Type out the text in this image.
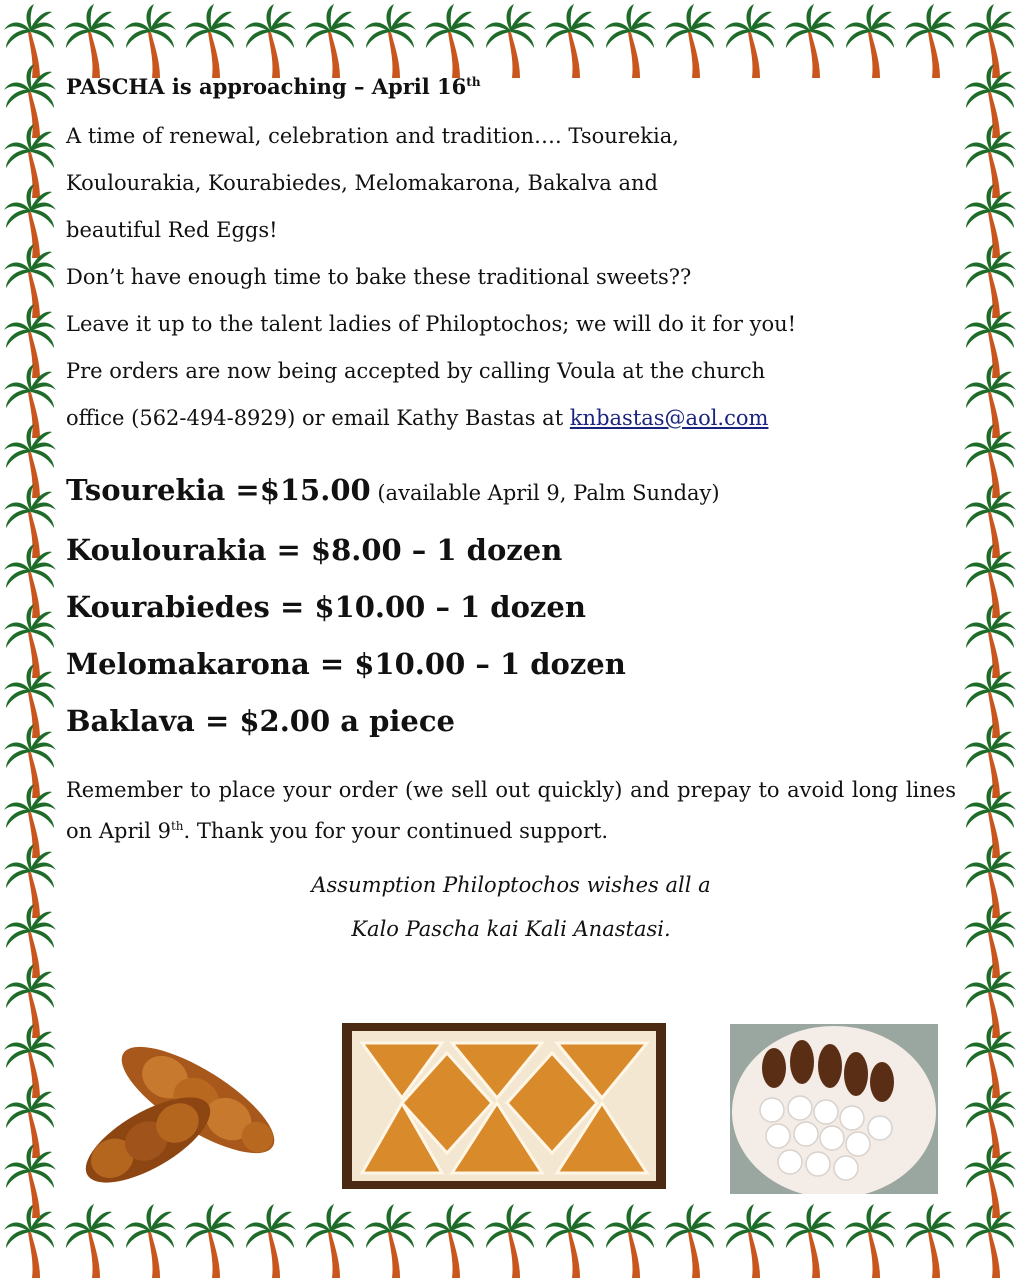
PASCHA is approaching – April 16th

A time of renewal, celebration and tradition…. Tsourekia,

Koulourakia, Kourabiedes, Melomakarona, Bakalva and

beautiful Red Eggs!

Don’t have enough time to bake these traditional sweets??

Leave it up to the talent ladies of Philoptochos; we will do it for you!

Pre orders are now being accepted by calling Voula at the church

office (562-494-8929) or email Kathy Bastas at knbastas@aol.com

Tsourekia =$15.00 (available April 9, Palm Sunday)

Koulourakia = $8.00 – 1 dozen

Kourabiedes = $10.00 – 1 dozen

Melomakarona = $10.00 – 1 dozen

Baklava = $2.00 a piece

Remember to place your order (we sell out quickly) and prepay to avoid long lines on April 9th. Thank you for your continued support.

Assumption Philoptochos wishes all a
Kalo Pascha kai Kali Anastasi.
